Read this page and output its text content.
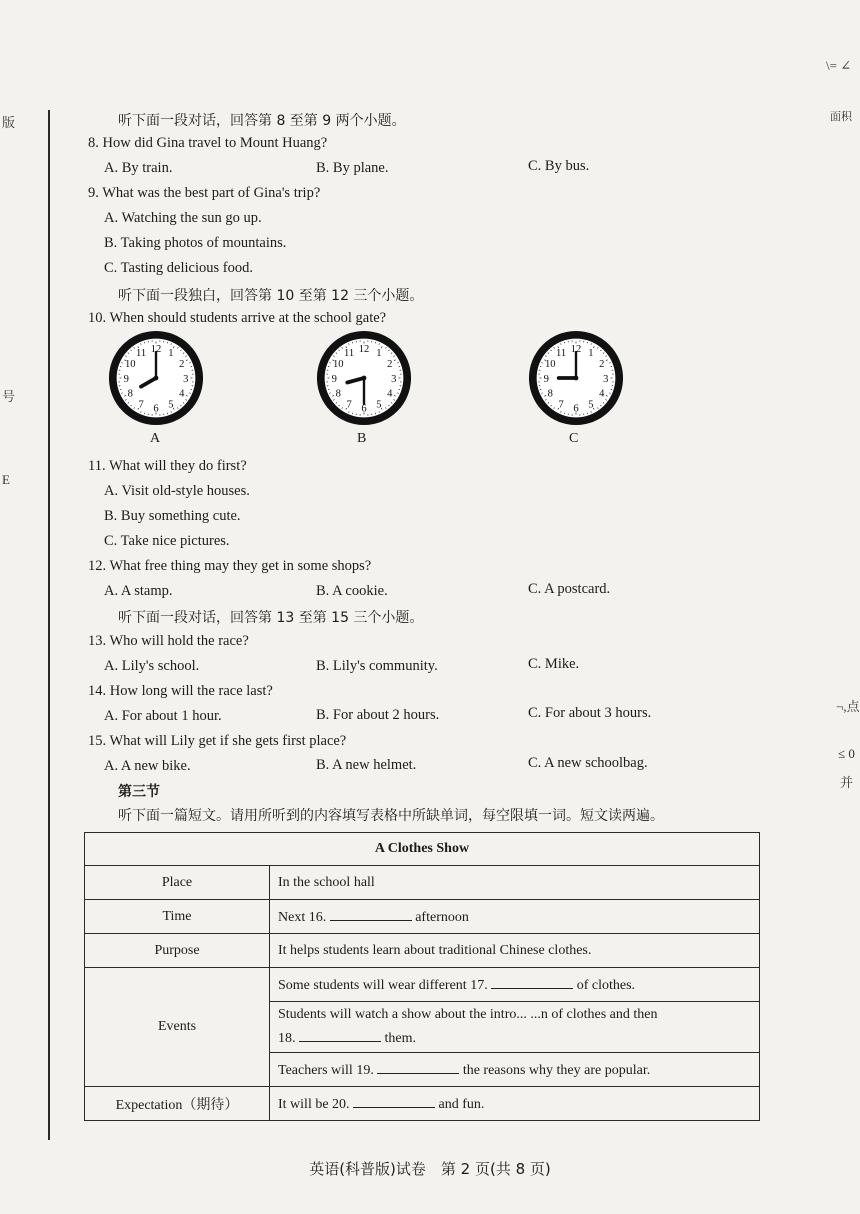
版
号
E
\= ∠
面积
¬,点
≤ 0
并
听下面一段对话，回答第 8 至第 9 两个小题。
8. How did Gina travel to Mount Huang?
A. By train.	B. By plane.	C. By bus.
9. What was the best part of Gina's trip?
A. Watching the sun go up.
B. Taking photos of mountains.
C. Tasting delicious food.
听下面一段独白，回答第 10 至第 12 三个小题。
10. When should students arrive at the school gate?
1
2
3
4
5
6
7
8
9
10
11 12	1
2
3
4
5
6
7
8
9
10
11 12	1
2
3
4
5
6
7
8
9
10
11 12
A	B	C
11. What will they do first?
A. Visit old-style houses.
B. Buy something cute.
C. Take nice pictures.
12. What free thing may they get in some shops?
A. A stamp.	B. A cookie.	C. A postcard.
听下面一段对话，回答第 13 至第 15 三个小题。
13. Who will hold the race?
A. Lily's school.	B. Lily's community.	C. Mike.
14. How long will the race last?
A. For about 1 hour.	B. For about 2 hours.	C. For about 3 hours.
15. What will Lily get if she gets first place?
A. A new bike.	B. A new helmet.	C. A new schoolbag.
第三节
听下面一篇短文。请用所听到的内容填写表格中所缺单词，每空限填一词。短文读两遍。
A Clothes Show	
Place	In the school hall
Time	Next 16. afternoon
Purpose	It helps students learn about traditional Chinese clothes.
Events	Some students will wear different 17. of clothes.

	Students will watch a show about the intro... ...n of clothes and then
18. them.

	Teachers will 19. the reasons why they are popular.
Expectation（期待）	It will be 20. and fun.
英语(科普版)试卷　第 2 页(共 8 页)
